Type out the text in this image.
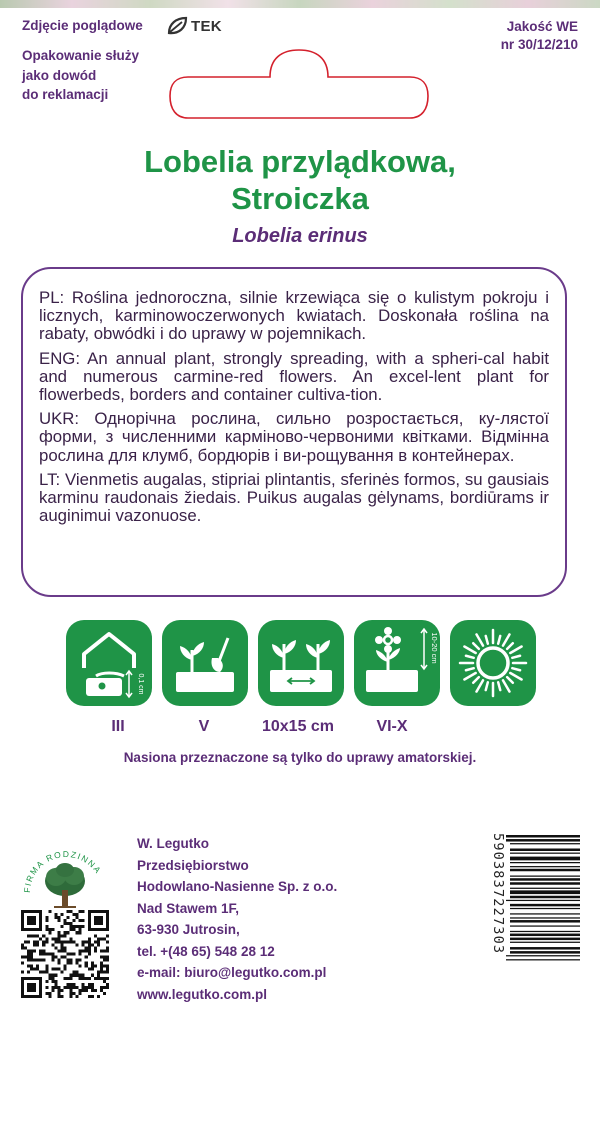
Zdjęcie poglądowe	TEK	Jakość WE
nr 30/12/210
Opakowanie służy
jako dowód
do reklamacji
Lobelia przylądkowa,
Stroiczka
Lobelia erinus

PL: Roślina jednoroczna, silnie krzewiąca się o kulistym pokroju i licznych, karminowoczerwonych kwiatach. Doskonała roślina na rabaty, obwódki i do uprawy w pojemnikach.

ENG: An annual plant, strongly spreading, with a spheri-cal habit and numerous carmine-red flowers. An excel-lent plant for flowerbeds, borders and container cultiva-tion.

UKR: Однорічна рослина, сильно розростається, ку-лястої форми, з численними карміново-червоними квітками. Відмінна рослина для клумб, бордюрів і ви-рощування в контейнерах.

LT: Vienmetis augalas, stipriai plintantis, sferinės formos, su gausiais karminu raudonais žiedais. Puikus augalas gėlynams, bordiūrams ir auginimui vazonuose.

0,1 cm
10-20 cm
III	V	10x15 cm	VI-X
Nasiona przeznaczone są tylko do uprawy amatorskiej.
FIRMA RODZINNA
W. Legutko
Przedsiębiorstwo
Hodowlano-Nasienne Sp. z o.o.
Nad Stawem 1F,
63-930 Jutrosin,
tel. +(48 65) 548 28 12
e-mail: biuro@legutko.com.pl
www.legutko.com.pl
5903837227303
